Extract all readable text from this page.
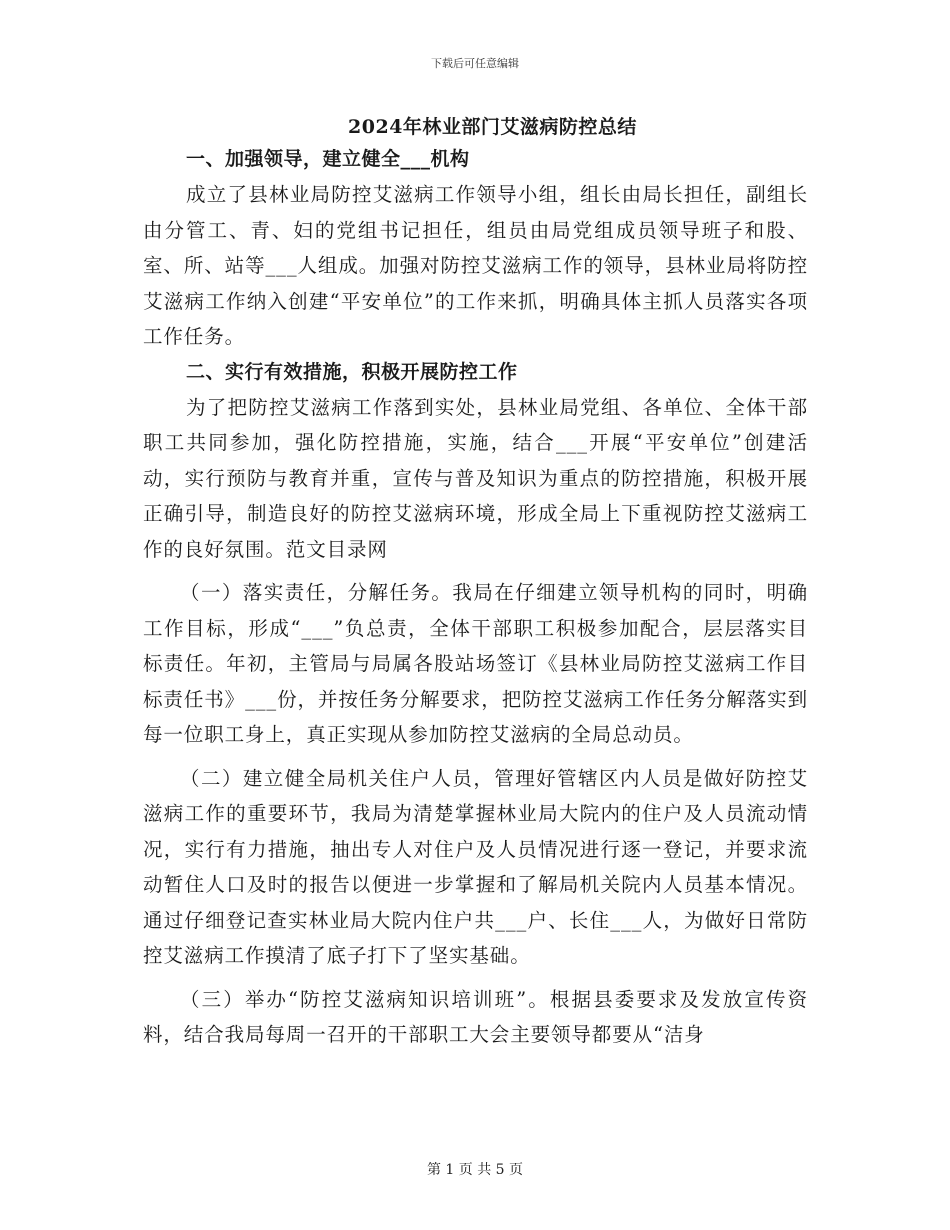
下载后可任意编辑
2024年林业部门艾滋病防控总结
一、加强领导，建立健全___机构

成立了县林业局防控艾滋病工作领导小组，组长由局长担任，副组长由分管工、青、妇的党组书记担任，组员由局党组成员领导班子和股、室、所、站等___人组成。加强对防控艾滋病工作的领导，县林业局将防控艾滋病工作纳入创建“平安单位”的工作来抓，明确具体主抓人员落实各项工作任务。

二、实行有效措施，积极开展防控工作

为了把防控艾滋病工作落到实处，县林业局党组、各单位、全体干部职工共同参加，强化防控措施，实施，结合___开展“平安单位”创建活动，实行预防与教育并重，宣传与普及知识为重点的防控措施，积极开展正确引导，制造良好的防控艾滋病环境，形成全局上下重视防控艾滋病工作的良好氛围。范文目录网

（一）落实责任，分解任务。我局在仔细建立领导机构的同时，明确工作目标，形成“___”负总责，全体干部职工积极参加配合，层层落实目标责任。年初，主管局与局属各股站场签订《县林业局防控艾滋病工作目标责任书》___份，并按任务分解要求，把防控艾滋病工作任务分解落实到每一位职工身上，真正实现从参加防控艾滋病的全局总动员。

（二）建立健全局机关住户人员，管理好管辖区内人员是做好防控艾滋病工作的重要环节，我局为清楚掌握林业局大院内的住户及人员流动情况，实行有力措施，抽出专人对住户及人员情况进行逐一登记，并要求流动暂住人口及时的报告以便进一步掌握和了解局机关院内人员基本情况。通过仔细登记查实林业局大院内住户共___户、长住___人，为做好日常防控艾滋病工作摸清了底子打下了坚实基础。

（三）举办“防控艾滋病知识培训班”。根据县委要求及发放宣传资料，结合我局每周一召开的干部职工大会主要领导都要从“洁身

第 1 页 共 5 页
